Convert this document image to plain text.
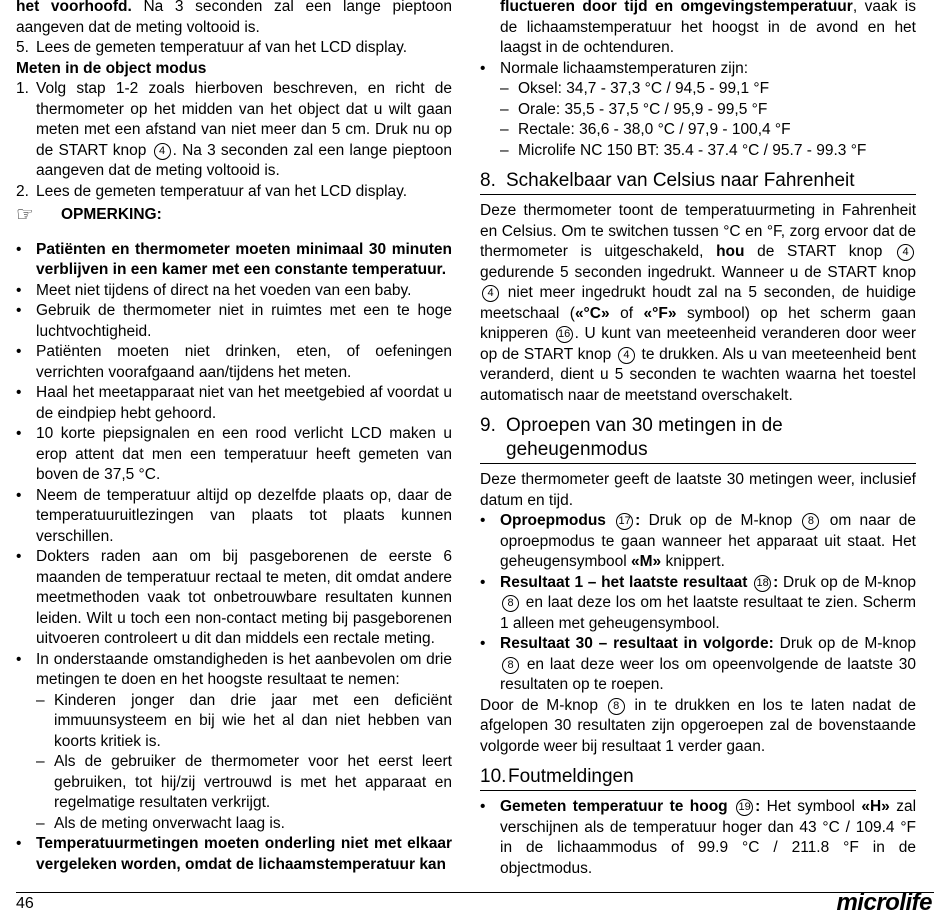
het voorhoofd. Na 3 seconden zal een lange pieptoon aangeven dat de meting voltooid is.

5. Lees de gemeten temperatuur af van het LCD display.

Meten in de object modus

1. Volg stap 1-2 zoals hierboven beschreven, en richt de thermometer op het midden van het object dat u wilt gaan meten met een afstand van niet meer dan 5 cm. Druk nu op de START knop 4 . Na 3 seconden zal een lange pieptoon aangeven dat de meting voltooid is.
2. Lees de gemeten temperatuur af van het LCD display.
☞	OPMERKING:
• Patiënten en thermometer moeten minimaal 30 minuten verblijven in een kamer met een constante temperatuur.
• Meet niet tijdens of direct na het voeden van een baby.
• Gebruik de thermometer niet in ruimtes met een te hoge luchtvochtigheid.
• Patiënten moeten niet drinken, eten, of oefeningen verrichten voorafgaand aan/tijdens het meten.
• Haal het meetapparaat niet van het meetgebied af voordat u de eindpiep hebt gehoord.
• 10 korte piepsignalen en een rood verlicht LCD maken u erop attent dat men een temperatuur heeft gemeten van boven de 37,5 °C.
• Neem de temperatuur altijd op dezelfde plaats op, daar de temperatuuruitlezingen van plaats tot plaats kunnen verschillen.
• Dokters raden aan om bij pasgeborenen de eerste 6 maanden de temperatuur rectaal te meten, dit omdat andere meetmethoden vaak tot onbetrouwbare resultaten kunnen leiden. Wilt u toch een non-contact meting bij pasgeborenen uitvoeren controleert u dit dan middels een rectale meting.
• In onderstaande omstandigheden is het aanbevolen om drie metingen te doen en het hoogste resultaat te nemen:
– Kinderen jonger dan drie jaar met een deficiënt immuunsysteem en bij wie het al dan niet hebben van koorts kritiek is.
– Als de gebruiker de thermometer voor het eerst leert gebruiken, tot hij/zij vertrouwd is met het apparaat en regelmatige resultaten verkrijgt.
– Als de meting onverwacht laag is.
• Temperatuurmetingen moeten onderling niet met elkaar vergeleken worden, omdat de lichaamstemperatuur kan

fluctueren door tijd en omgevingstemperatuur, vaak is de lichaamstemperatuur het hoogst in de avond en het laagst in de ochtenduren.

• Normale lichaamstemperaturen zijn:
– Oksel: 34,7 - 37,3 °C / 94,5 - 99,1 °F
– Orale: 35,5 - 37,5 °C / 95,9 - 99,5 °F
– Rectale: 36,6 - 38,0 °C / 97,9 - 100,4 °F
– Microlife NC 150 BT: 35.4 - 37.4 °C / 95.7 - 99.3 °F
8. Schakelbaar van Celsius naar Fahrenheit

Deze thermometer toont de temperatuurmeting in Fahrenheit en Celsius. Om te switchen tussen °C en °F, zorg ervoor dat de thermometer is uitgeschakeld, hou de START knop 4 gedurende 5 seconden ingedrukt. Wanneer u de START knop 4 niet meer ingedrukt houdt zal na 5 seconden, de huidige meetschaal («°C» of «°F» symbool) op het scherm gaan knipperen 16 . U kunt van meeteenheid veranderen door weer op de START knop 4 te drukken. Als u van meeteenheid bent veranderd, dient u 5 seconden te wachten waarna het toestel automatisch naar de meetstand overschakelt.

9. Oproepen van 30 metingen in de geheugenmodus

Deze thermometer geeft de laatste 30 metingen weer, inclusief datum en tijd.

• Oproepmodus 17 : Druk op de M-knop 8 om naar de oproepmodus te gaan wanneer het apparaat uit staat. Het geheugensymbool «M» knippert.
• Resultaat 1 – het laatste resultaat 18 : Druk op de M-knop 8 en laat deze los om het laatste resultaat te zien. Scherm 1 alleen met geheugensymbool.
• Resultaat 30 – resultaat in volgorde: Druk op de M-knop 8 en laat deze weer los om opeenvolgende de laatste 30 resultaten op te roepen.

Door de M-knop 8 in te drukken en los te laten nadat de afgelopen 30 resultaten zijn opgeroepen zal de bovenstaande volgorde weer bij resultaat 1 verder gaan.

10. Foutmeldingen
• Gemeten temperatuur te hoog 19 : Het symbool «H» zal verschijnen als de temperatuur hoger dan 43 °C / 109.4 °F in de lichaammodus of 99.9 °C / 211.8 °F in de objectmodus.
46	microlife
